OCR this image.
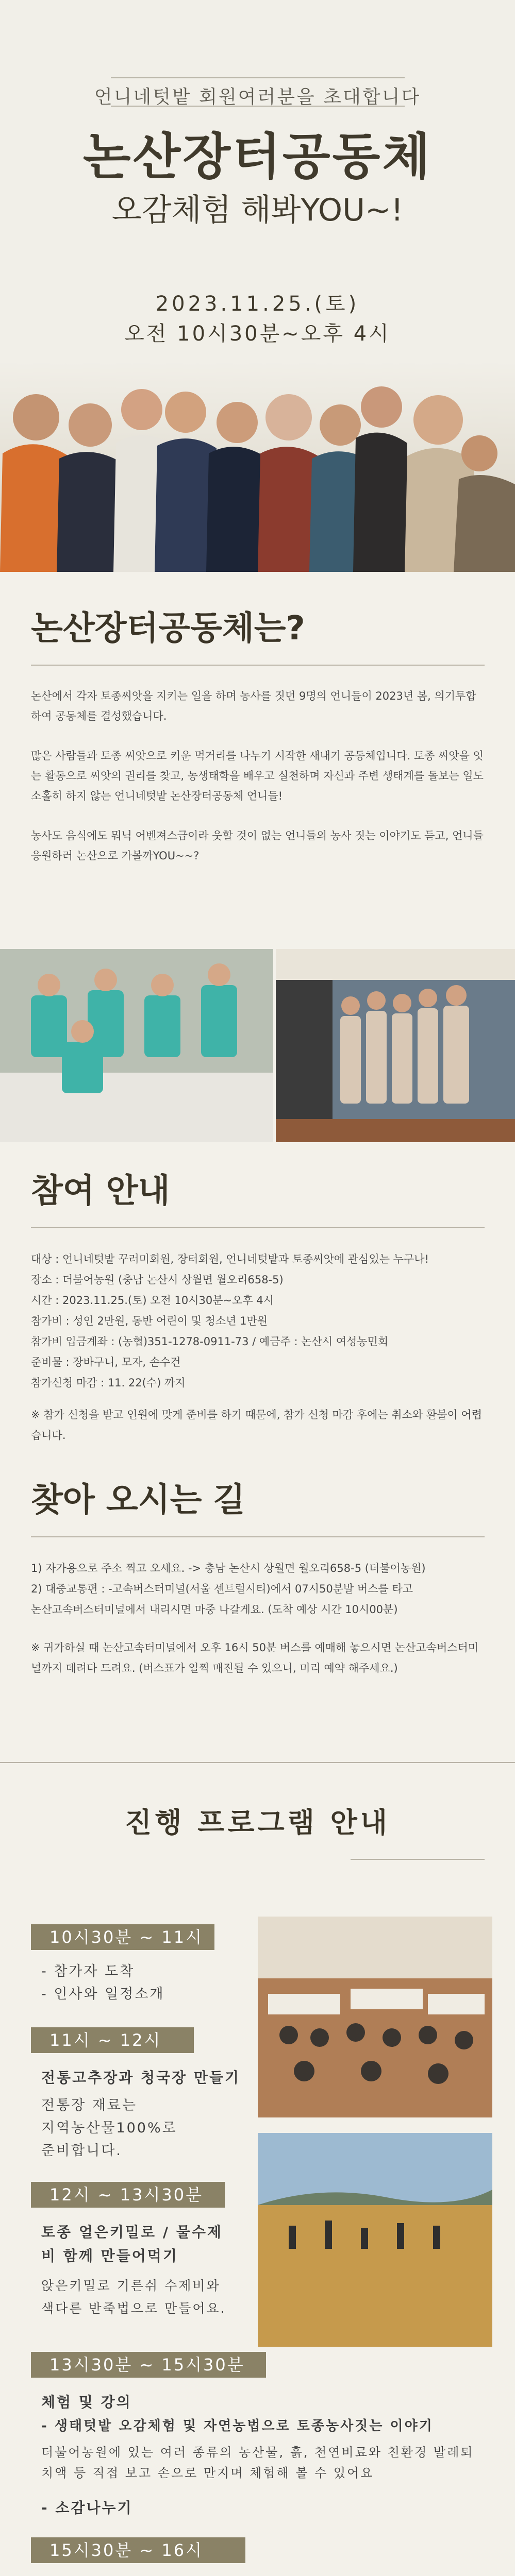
언니네텃밭 회원여러분을 초대합니다
논산장터공동체
오감체험 해봐YOU~!
2023.11.25.(토)
오전 10시30분~오후 4시
논산장터공동체는?

논산에서 각자 토종씨앗을 지키는 일을 하며 농사를 짓던 9명의 언니들이 2023년 봄, 의기투합하여 공동체를 결성했습니다.

많은 사람들과 토종 씨앗으로 키운 먹거리를 나누기 시작한 새내기 공동체입니다. 토종 씨앗을 잇는 활동으로 씨앗의 권리를 찾고, 농생태학을 배우고 실천하며 자신과 주변 생태계를 돌보는 일도 소홀히 하지 않는 언니네텃밭 논산장터공동체 언니들!

농사도 음식에도 뭐닉 어벤져스급이라 웃할 것이 없는 언니들의 농사 짓는 이야기도 듣고, 언니들 응원하러 논산으로 가볼까YOU~~?

참여 안내

대상 : 언니네텃밭 꾸러미회원, 장터회원, 언니네텃밭과 토종씨앗에 관심있는 누구나!

장소 : 더불어농원 (충남 논산시 상월면 월오리658-5)

시간 : 2023.11.25.(토) 오전 10시30분~오후 4시

참가비 : 성인 2만원, 동반 어린이 및 청소년 1만원

참가비 입금계좌 : (농협)351-1278-0911-73 / 예금주 : 논산시 여성농민회

준비물 : 장바구니, 모자, 손수건

참가신청 마감 : 11. 22(수) 까지

※ 참가 신청을 받고 인원에 맞게 준비를 하기 때문에, 참가 신청 마감 후에는 취소와 환불이 어렵습니다.

찾아 오시는 길

1) 자가용으로 주소 찍고 오세요. -> 충남 논산시 상월면 월오리658-5 (더불어농원)

2) 대중교통편 : -고속버스터미널(서울 센트럴시티)에서 07시50분발 버스를 타고

논산고속버스터미널에서 내리시면 마중 나갈게요. (도착 예상 시간 10시00분)

※ 귀가하실 때 논산고속터미널에서 오후 16시 50분 버스를 예매해 놓으시면 논산고속버스터미널까지 데려다 드려요. (버스표가 일찍 매진될 수 있으니, 미리 예약 해주세요.)

진행 프로그램 안내
10시30분 ~ 11시
- 참가자 도착
- 인사와 일정소개
11시 ~ 12시
전통고추장과 청국장 만들기
전통장 재료는
지역농산물100%로
준비합니다.
12시 ~ 13시30분
토종 얼은키밀로 / 물수제비 함께 만들어먹기
앉은키밀로 기른쉬 수제비와
색다른 반죽법으로 만들어요.
13시30분 ~ 15시30분
체험 및 강의
- 생태텃밭 오감체험 및 자연농법으로 토종농사짓는 이야기
더불어농원에 있는 여러 종류의 농산물, 흙, 천연비료와 친환경 발레퇴치액 등 직접 보고 손으로 만지며 체험해 볼 수 있어요
- 소감나누기
15시30분 ~ 16시
